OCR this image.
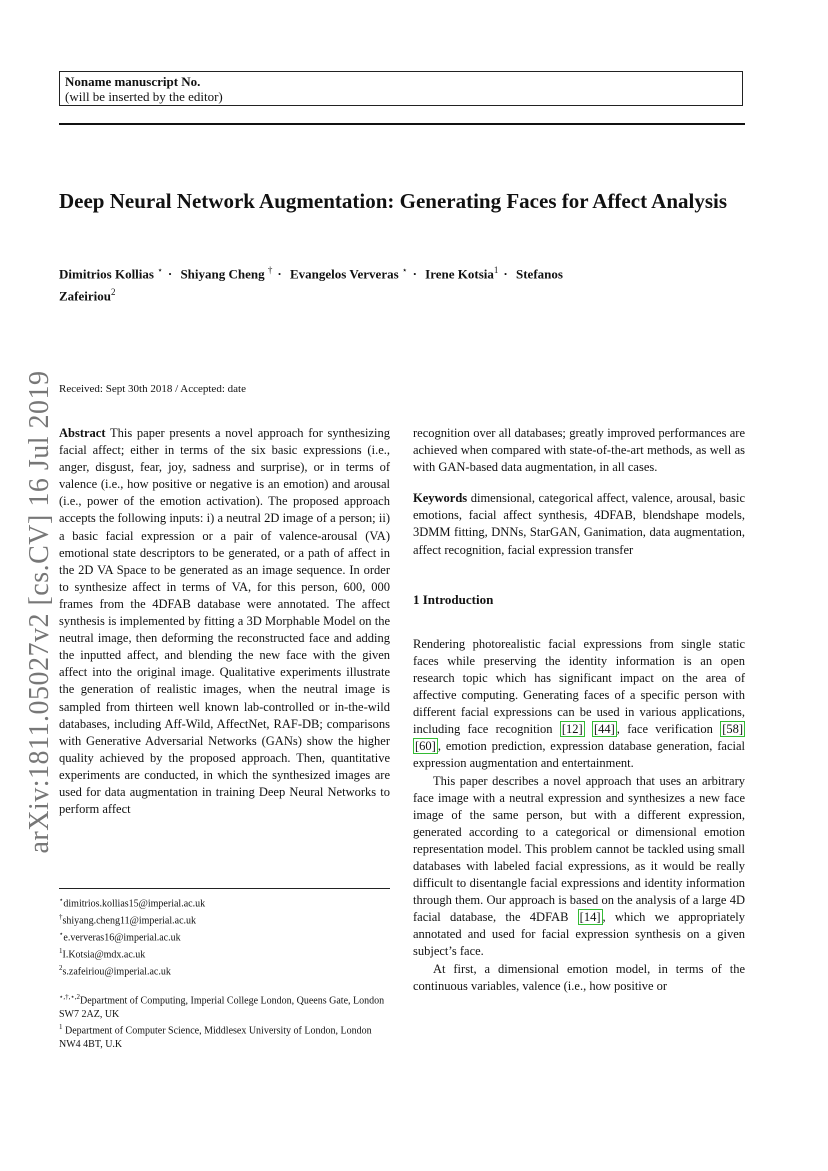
Noname manuscript No.
(will be inserted by the editor)
Deep Neural Network Augmentation: Generating Faces for Affect Analysis
Dimitrios Kollias ⋆ · Shiyang Cheng † · Evangelos Ververas ⋆ · Irene Kotsia$^1$ · Stefanos Zafeiriou$^2$
Received: Sept 30th 2018 / Accepted: date

Abstract This paper presents a novel approach for synthesizing facial affect; either in terms of the six basic expressions (i.e., anger, disgust, fear, joy, sadness and surprise), or in terms of valence (i.e., how positive or negative is an emotion) and arousal (i.e., power of the emotion activation). The proposed approach accepts the following inputs: i) a neutral 2D image of a person; ii) a basic facial expression or a pair of valence-arousal (VA) emotional state descriptors to be generated, or a path of affect in the 2D VA Space to be generated as an image sequence. In order to synthesize affect in terms of VA, for this person, 600, 000 frames from the 4DFAB database were annotated. The affect synthesis is implemented by fitting a 3D Morphable Model on the neutral image, then deforming the reconstructed face and adding the inputted affect, and blending the new face with the given affect into the original image. Qualitative experiments illustrate the generation of realistic images, when the neutral image is sampled from thirteen well known lab-controlled or in-the-wild databases, including Aff-Wild, AffectNet, RAF-DB; comparisons with Generative Adversarial Networks (GANs) show the higher quality achieved by the proposed approach. Then, quantitative experiments are conducted, in which the synthesized images are used for data augmentation in training Deep Neural Networks to perform affect

recognition over all databases; greatly improved performances are achieved when compared with state-of-the-art methods, as well as with GAN-based data augmentation, in all cases.

Keywords dimensional, categorical affect, valence, arousal, basic emotions, facial affect synthesis, 4DFAB, blendshape models, 3DMM fitting, DNNs, StarGAN, Ganimation, data augmentation, affect recognition, facial expression transfer

1 Introduction

Rendering photorealistic facial expressions from single static faces while preserving the identity information is an open research topic which has significant impact on the area of affective computing. Generating faces of a specific person with different facial expressions can be used in various applications, including face recognition [12] [44] , face verification [58] [60] , emotion prediction, expression database generation, facial expression augmentation and entertainment.

This paper describes a novel approach that uses an arbitrary face image with a neutral expression and synthesizes a new face image of the same person, but with a different expression, generated according to a categorical or dimensional emotion representation model. This problem cannot be tackled using small databases with labeled facial expressions, as it would be really difficult to disentangle facial expressions and identity information through them. Our approach is based on the analysis of a large 4D facial database, the 4DFAB [14] , which we appropriately annotated and used for facial expression synthesis on a given subject’s face.

At first, a dimensional emotion model, in terms of the continuous variables, valence (i.e., how positive or

⋆dimitrios.kollias15@imperial.ac.uk
†shiyang.cheng11@imperial.ac.uk
⋆e.ververas16@imperial.ac.uk
$^1$I.Kotsia@mdx.ac.uk
$^2$s.zafeiriou@imperial.ac.uk
$^{⋆,\dagger,⋆,2}$Department of Computing, Imperial College London, Queens Gate, London SW7 2AZ, UK
$^1$ Department of Computer Science, Middlesex University of London, London NW4 4BT, U.K
arXiv:1811.05027v2 [cs.CV] 16 Jul 2019
